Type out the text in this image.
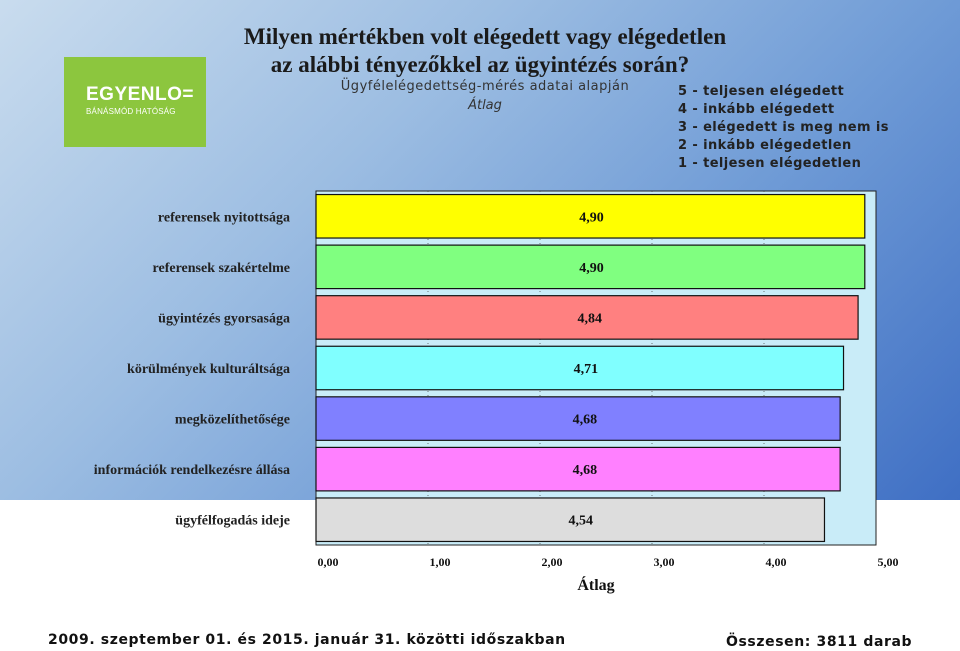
EGYENLO=
BÁNÁSMÓD HATÓSÁG
Milyen mértékben volt elégedett vagy elégedetlen
az alábbi tényezőkkel az ügyintézés során?
Ügyfélelégedettség-mérés adatai alapján
Átlag
5 - teljesen elégedett
4 - inkább elégedett
3 - elégedett is meg nem is
2 - inkább elégedetlen
1 - teljesen elégedetlen
4,90
referensek nyitottsága
4,90
referensek szakértelme
4,84
ügyintézés gyorsasága
4,71
körülmények kulturáltsága
4,68
megközelíthetősége
4,68
információk rendelkezésre állása
4,54
ügyfélfogadás ideje
0,00	1,00	2,00	3,00	4,00	5,00
Átlag
2009. szeptember 01. és 2015. január 31. közötti időszakban	Összesen: 3811 darab
